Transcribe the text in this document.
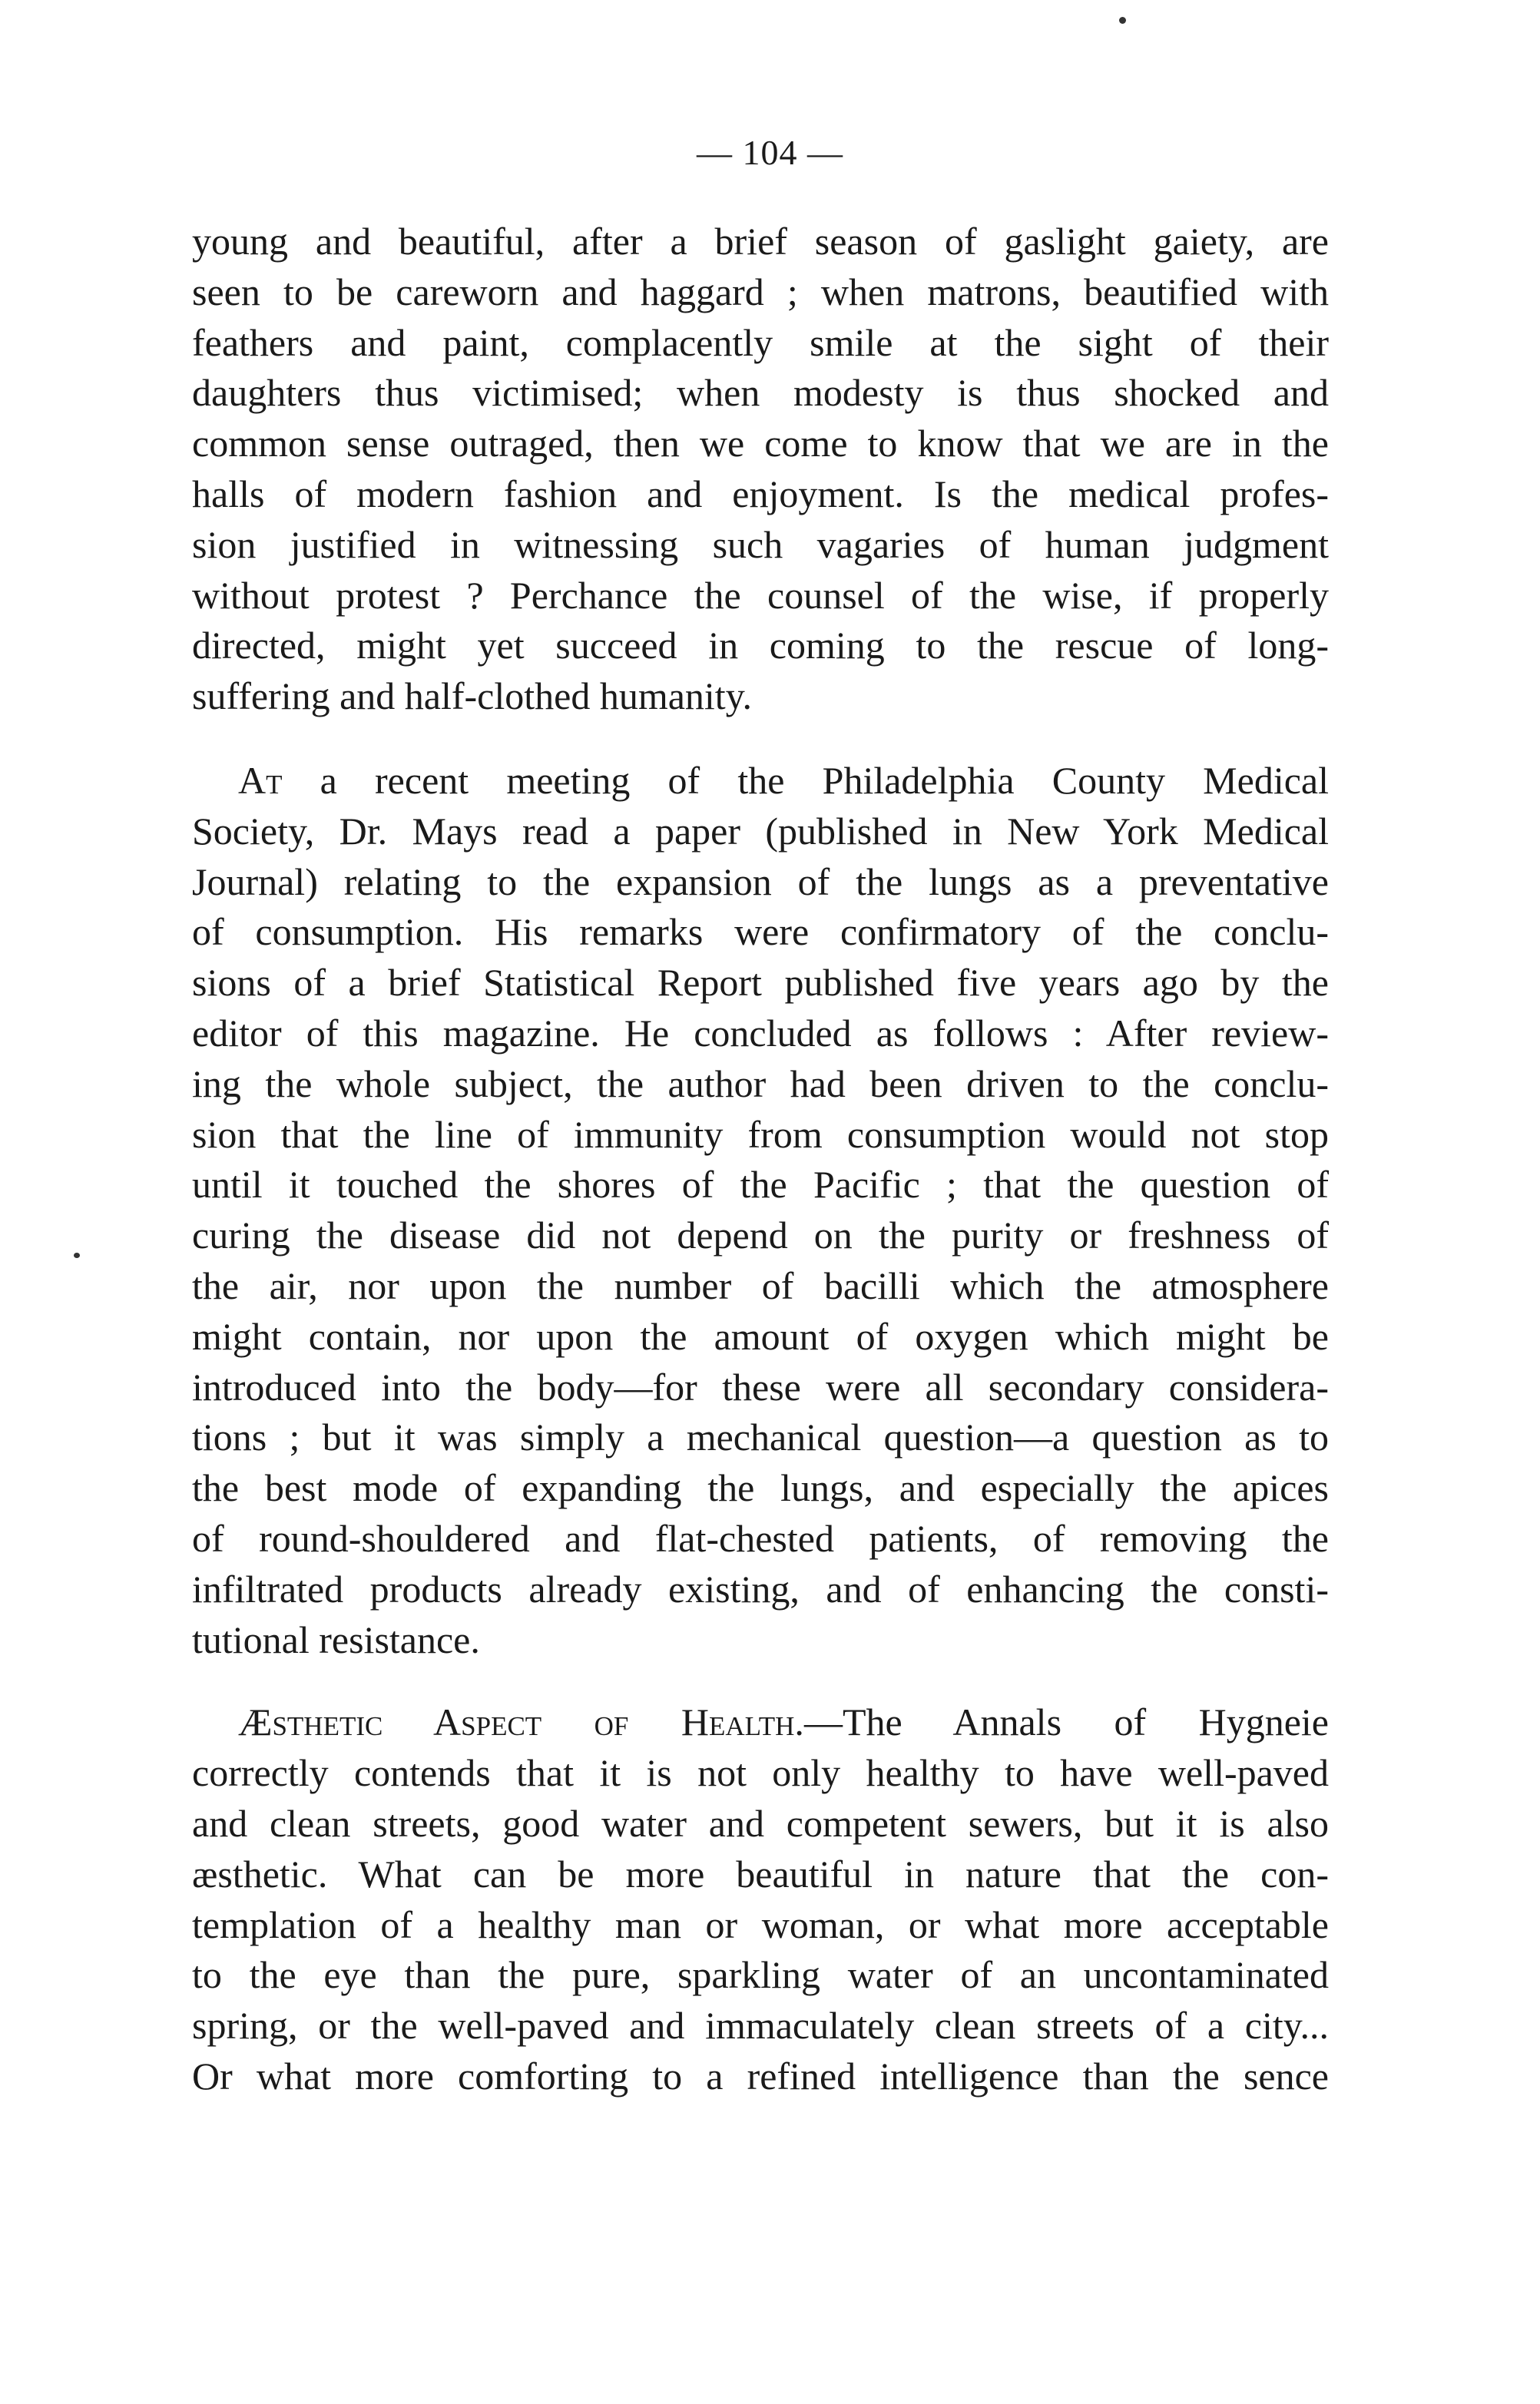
— 104 —
young and beautiful, after a brief season of gaslight gaiety, are
seen to be careworn and haggard ; when matrons, beautified with
feathers and paint, complacently smile at the sight of their
daughters thus victimised; when modesty is thus shocked and
common sense outraged, then we come to know that we are in the
halls of modern fashion and enjoyment. Is the medical profes-
sion justified in witnessing such vagaries of human judgment
without protest ? Perchance the counsel of the wise, if properly
directed, might yet succeed in coming to the rescue of long-
suffering and half-clothed humanity.
At a recent meeting of the Philadelphia County Medical
Society, Dr. Mays read a paper (published in New York Medical
Journal) relating to the expansion of the lungs as a preventative
of consumption. His remarks were confirmatory of the conclu-
sions of a brief Statistical Report published five years ago by the
editor of this magazine. He concluded as follows : After review-
ing the whole subject, the author had been driven to the conclu-
sion that the line of immunity from consumption would not stop
until it touched the shores of the Pacific ; that the question of
curing the disease did not depend on the purity or freshness of
the air, nor upon the number of bacilli which the atmosphere
might contain, nor upon the amount of oxygen which might be
introduced into the body—for these were all secondary considera-
tions ; but it was simply a mechanical question—a question as to
the best mode of expanding the lungs, and especially the apices
of round-shouldered and flat-chested patients, of removing the
infiltrated products already existing, and of enhancing the consti-
tutional resistance.
Æsthetic Aspect of Health.—The Annals of Hygneie
correctly contends that it is not only healthy to have well-paved
and clean streets, good water and competent sewers, but it is also
æsthetic. What can be more beautiful in nature that the con-
templation of a healthy man or woman, or what more acceptable
to the eye than the pure, sparkling water of an uncontaminated
spring, or the well-paved and immaculately clean streets of a city...
Or what more comforting to a refined intelligence than the sence
